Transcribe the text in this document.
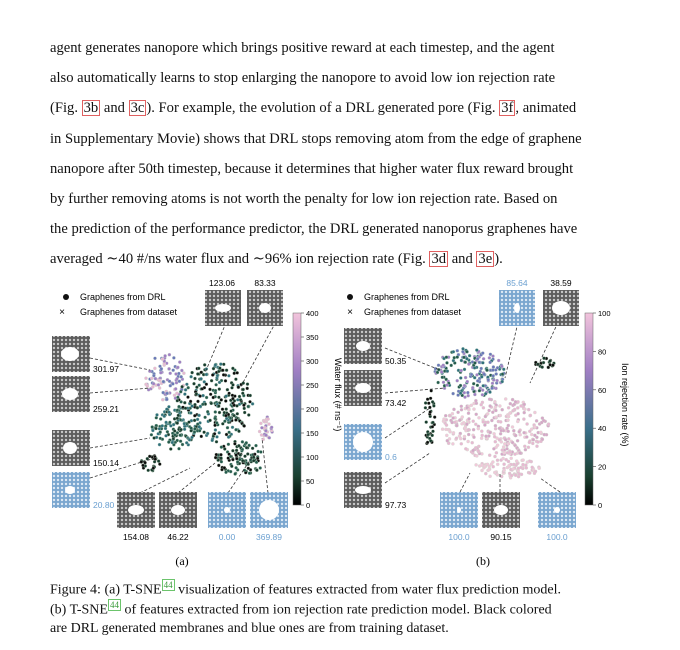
agent generates nanopore which brings positive reward at each timestep, and the agent
also automatically learns to stop enlarging the nanopore to avoid low ion rejection rate
(Fig. 3b and 3c ). For example, the evolution of a DRL generated pore (Fig. 3f , animated
in Supplementary Movie) shows that DRL stops removing atom from the edge of graphene
nanopore after 50th timestep, because it determines that higher water flux reward brought
by further removing atoms is not worth the penalty for low ion rejection rate. Based on
the prediction of the performance predictor, the DRL generated nanoporus graphenes have
averaged ∼40 #/ns water flux and ∼96% ion rejection rate (Fig. 3d and 3e ).
Graphenes from DRL
× Graphenes from dataset
123.06 83.33
301.97
259.21
150.14
20.80
154.08 46.22	0.00 369.89
400
350
300
250
200
150
100
50
0
Water flux (# ns⁻¹)
(a)
Graphenes from DRL
× Graphenes from dataset
85.64	38.59
50.35
73.42
0.6
97.73
100.0 90.15	100.0
100
80
60
40
20
0
Ion rejection rate (%)
(b)
Figure 4: (a) T-SNE $^{44}$ visualization of features extracted from water flux prediction model.
(b) T-SNE $^{44}$ of features extracted from ion rejection rate prediction model. Black colored
are DRL generated membranes and blue ones are from training dataset.
